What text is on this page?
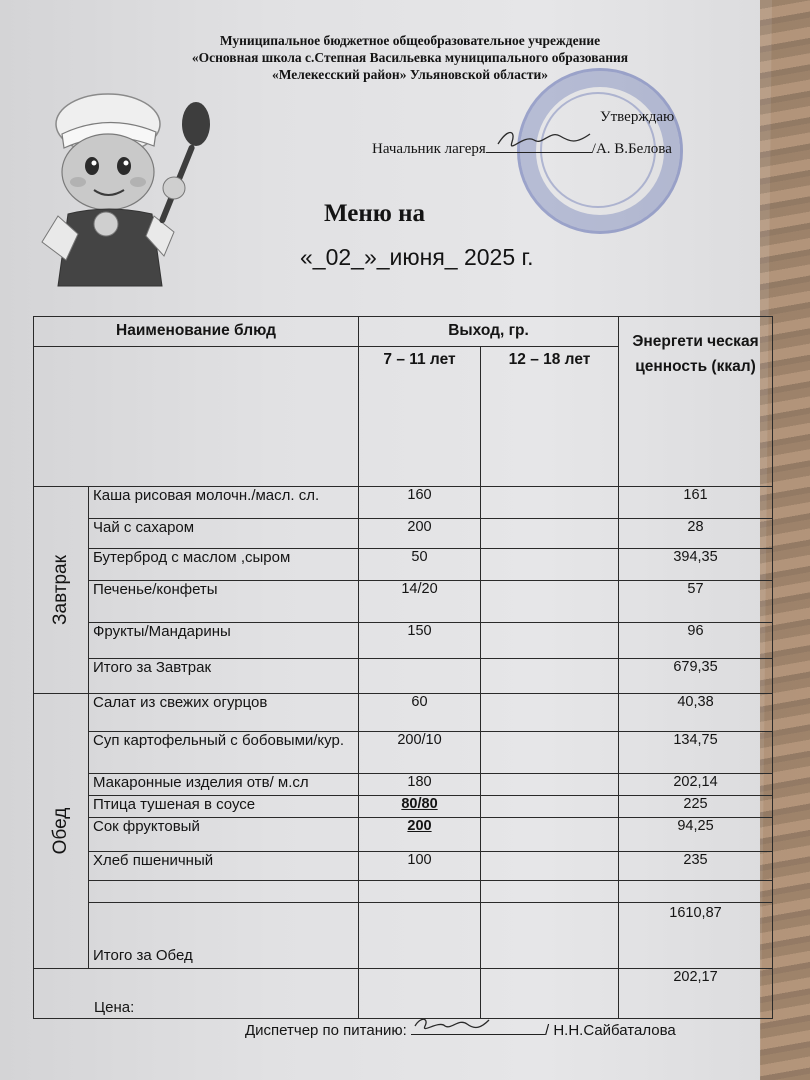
Муниципальное бюджетное общеобразовательное учреждение
«Основная школа с.Степная Васильевка муниципального образования
«Мелекесский район» Ульяновской области»
Утверждаю
Начальник лагеря	/А. В.Белова
Меню на
«_02_»_июня_ 2025 г.
Наименование блюд		Выход, гр.		Энергети ческая ценность (ккал)
		7 – 11 лет	12 – 18 лет	

Завтрак	Каша рисовая молочн./масл. сл.	160		161
	Чай с сахаром	200		28
	Бутерброд с маслом ,сыром	50		394,35
	Печенье/конфеты	14/20		57
	Фрукты/Мандарины	150		96
	Итого за Завтрак			679,35

Обед	Салат из свежих огурцов	60		40,38
	Суп картофельный с бобовыми/кур.	200/10		134,75
	Макаронные изделия отв/ м.сл	180		202,14
	Птица тушеная в соусе	80/80		225
	Сок фруктовый	200		94,25
	Хлеб пшеничный	100		235

	Итого за Обед			1610,87
Цена:				202,17
Диспетчер по питанию:	/ Н.Н.Сайбаталова
